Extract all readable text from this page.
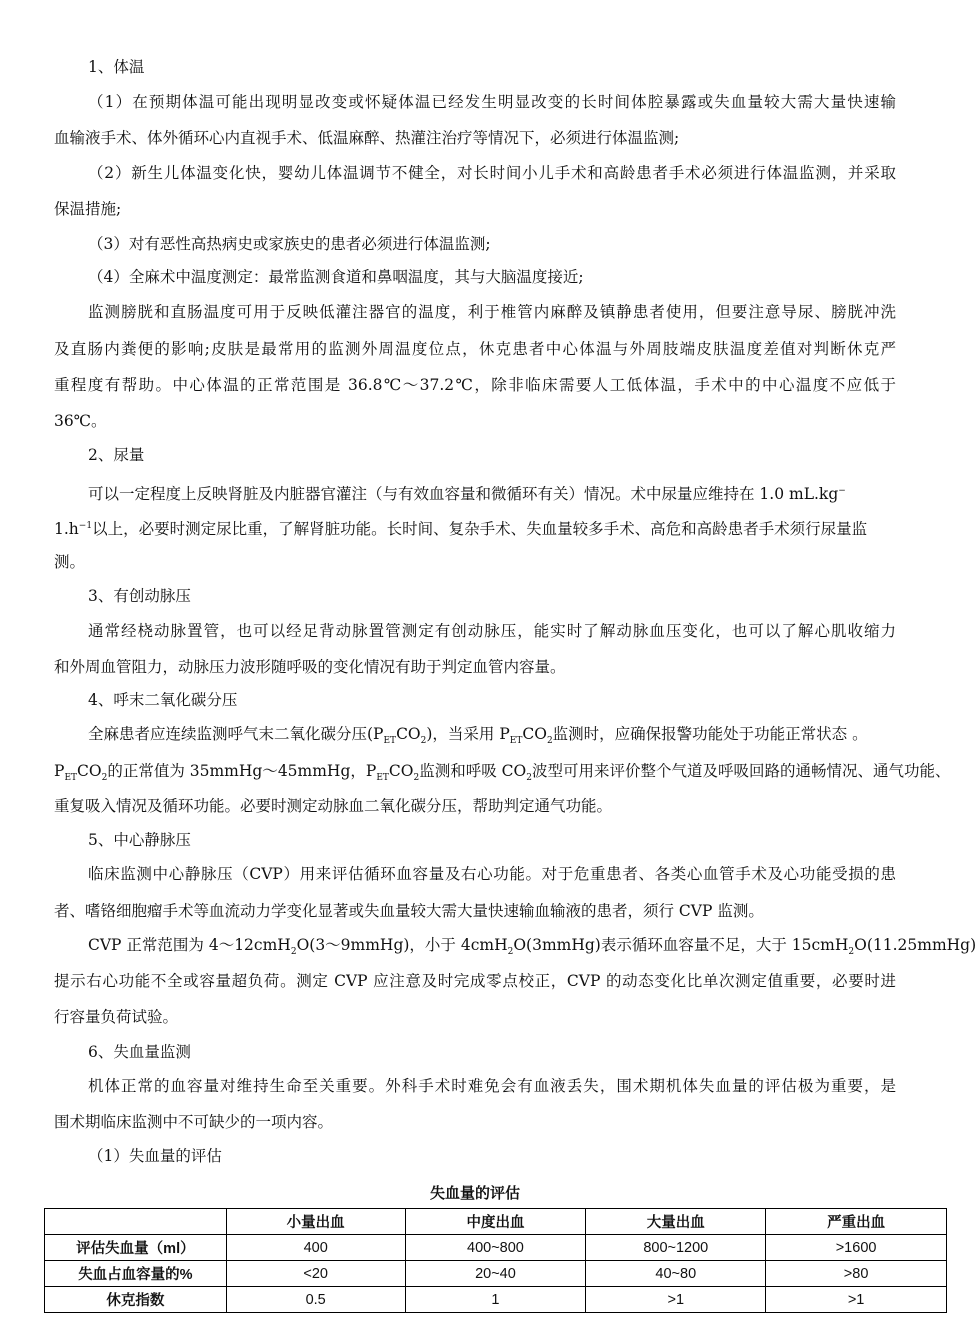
1、体温
（1）在预期体温可能出现明显改变或怀疑体温已经发生明显改变的长时间体腔暴露或失血量较大需大量快速输
血输液手术、体外循环心内直视手术、低温麻醉、热灌注治疗等情况下，必须进行体温监测;
（2）新生儿体温变化快，婴幼儿体温调节不健全，对长时间小儿手术和高龄患者手术必须进行体温监测，并采取
保温措施;
（3）对有恶性高热病史或家族史的患者必须进行体温监测;
（4）全麻术中温度测定：最常监测食道和鼻咽温度，其与大脑温度接近;
监测膀胱和直肠温度可用于反映低灌注器官的温度，利于椎管内麻醉及镇静患者使用，但要注意导尿、膀胱冲洗
及直肠内粪便的影响;皮肤是最常用的监测外周温度位点，休克患者中心体温与外周肢端皮肤温度差值对判断休克严
重程度有帮助。中心体温的正常范围是 36.8℃～37.2℃，除非临床需要人工低体温，手术中的中心温度不应低于
36℃。
2、尿量
可以一定程度上反映肾脏及内脏器官灌注（与有效血容量和微循环有关）情况。术中尿量应维持在 1.0 mL.kg−
$1.h^{-1}$以上，必要时测定尿比重，了解肾脏功能。长时间、复杂手术、失血量较多手术、高危和高龄患者手术须行尿量监
测。
3、有创动脉压
通常经桡动脉置管，也可以经足背动脉置管测定有创动脉压，能实时了解动脉血压变化，也可以了解心肌收缩力
和外周血管阻力，动脉压力波形随呼吸的变化情况有助于判定血管内容量。
4、呼末二氧化碳分压
全麻患者应连续监测呼气末二氧化碳分压$(P_{ET}CO_2)$，当采用 $P_{ET}CO_2$监测时，应确保报警功能处于功能正常状态 。
$P_{ET}CO_2$的正常值为 35mmHg～45mmHg，$P_{ET}CO_2$监测和呼吸 $CO_2$波型可用来评价整个气道及呼吸回路的通畅情况、通气功能、
重复吸入情况及循环功能。必要时测定动脉血二氧化碳分压，帮助判定通气功能。
5、中心静脉压
临床监测中心静脉压（CVP）用来评估循环血容量及右心功能。对于危重患者、各类心血管手术及心功能受损的患
者、嗜铬细胞瘤手术等血流动力学变化显著或失血量较大需大量快速输血输液的患者，须行 CVP 监测。
CVP 正常范围为 4～12cmH$_2$O(3～9mmHg)，小于 4cmH$_2$O(3mmHg)表示循环血容量不足，大于 15cmH$_2$O(11.25mmHg)
提示右心功能不全或容量超负荷。测定 CVP 应注意及时完成零点校正，CVP 的动态变化比单次测定值重要，必要时进
行容量负荷试验。
6、失血量监测
机体正常的血容量对维持生命至关重要。外科手术时难免会有血液丢失，围术期机体失血量的评估极为重要，是
围术期临床监测中不可缺少的一项内容。
（1）失血量的评估
失血量的评估
	小量出血	中度出血	大量出血	严重出血
评估失血量（ml）	400	400~800	800~1200	>1600
失血占血容量的%	<20	20~40	40~80	>80
休克指数	0.5	1	>1	>1
